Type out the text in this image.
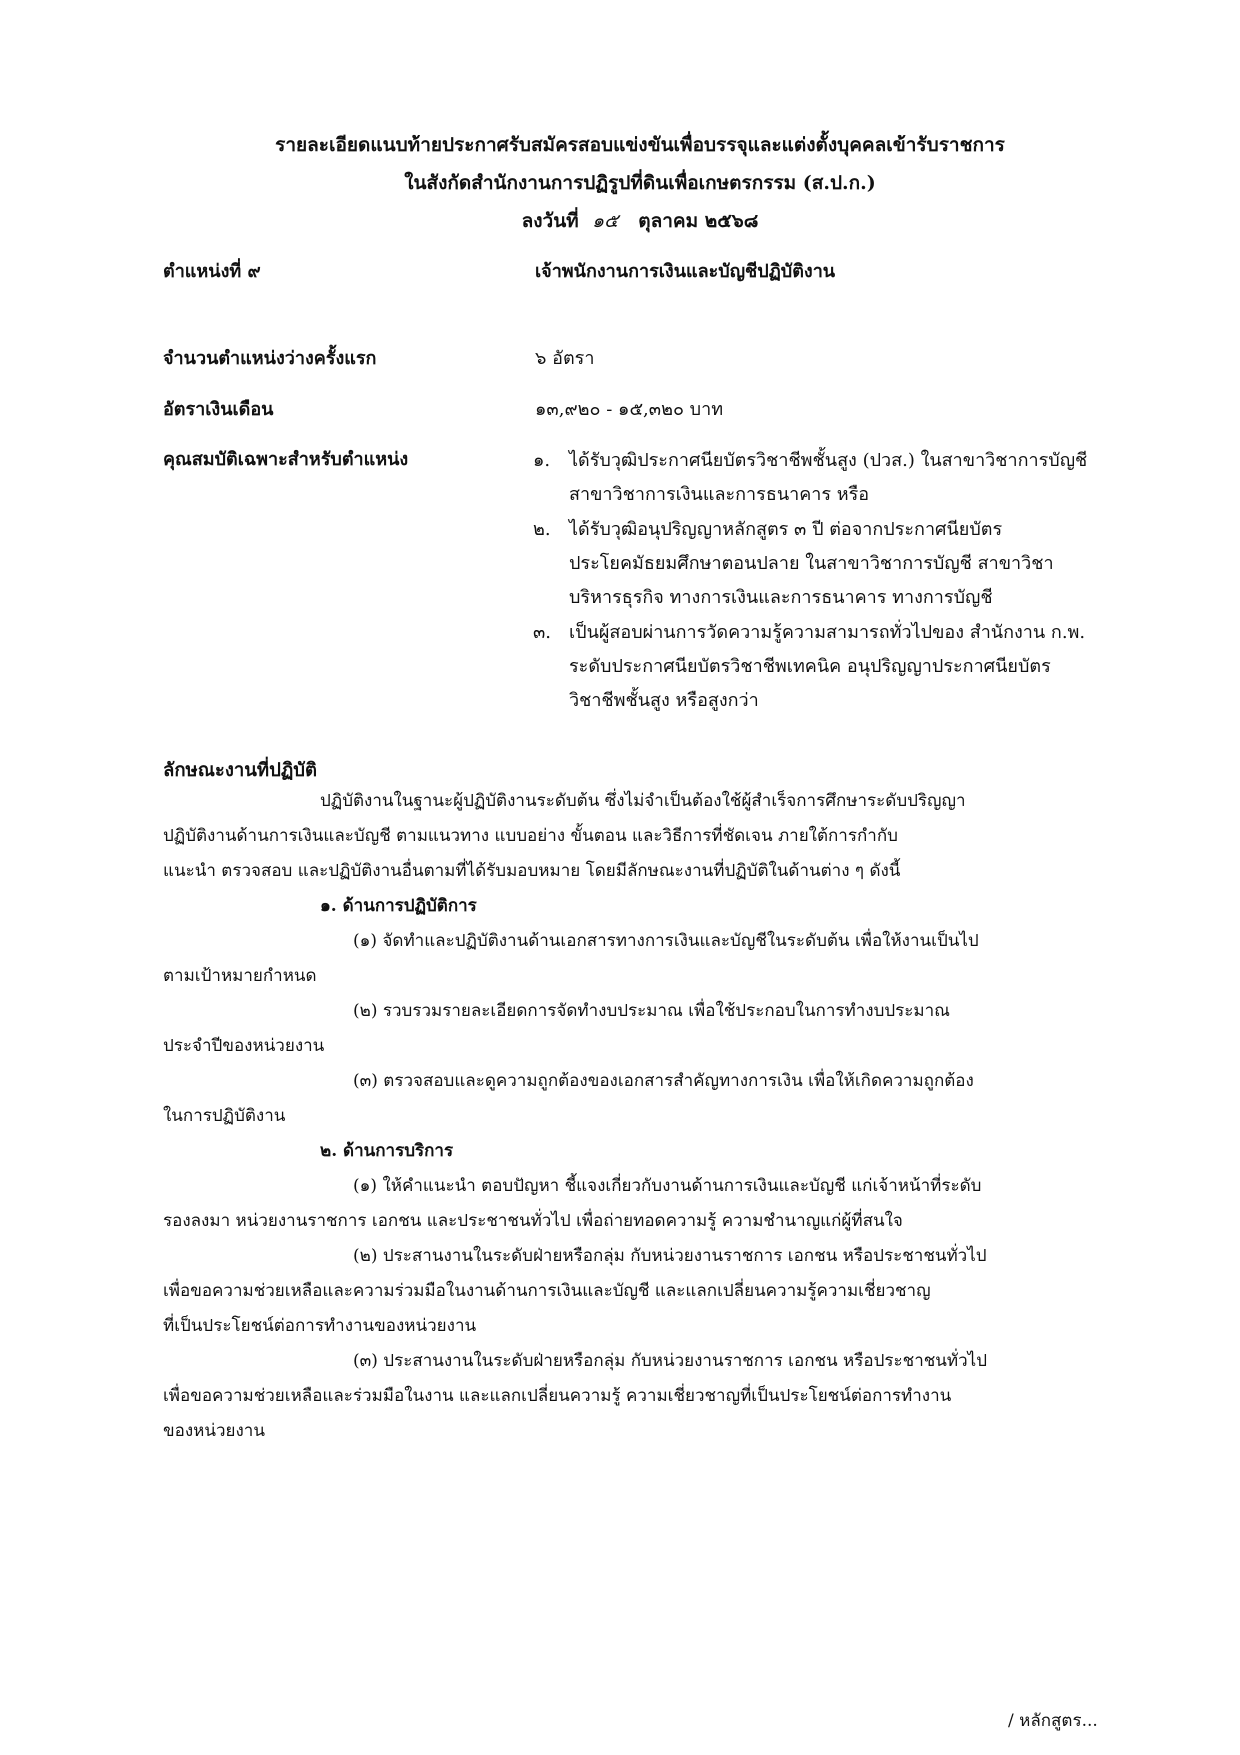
รายละเอียดแนบท้ายประกาศรับสมัครสอบแข่งขันเพื่อบรรจุและแต่งตั้งบุคคลเข้ารับราชการ
ในสังกัดสำนักงานการปฏิรูปที่ดินเพื่อเกษตรกรรม (ส.ป.ก.)
ลงวันที่ ๑๕ ตุลาคม ๒๕๖๘
ตำแหน่งที่ ๙	เจ้าพนักงานการเงินและบัญชีปฏิบัติงาน
จำนวนตำแหน่งว่างครั้งแรก	๖ อัตรา
อัตราเงินเดือน	๑๓,๙๒๐ - ๑๕,๓๒๐ บาท
คุณสมบัติเฉพาะสำหรับตำแหน่ง	๑. ได้รับวุฒิประกาศนียบัตรวิชาชีพชั้นสูง (ปวส.) ในสาขาวิชาการบัญชี
สาขาวิชาการเงินและการธนาคาร หรือ
๒. ได้รับวุฒิอนุปริญญาหลักสูตร ๓ ปี ต่อจากประกาศนียบัตร
ประโยคมัธยมศึกษาตอนปลาย ในสาขาวิชาการบัญชี สาขาวิชา
บริหารธุรกิจ ทางการเงินและการธนาคาร ทางการบัญชี
๓. เป็นผู้สอบผ่านการวัดความรู้ความสามารถทั่วไปของ สำนักงาน ก.พ.
ระดับประกาศนียบัตรวิชาชีพเทคนิค อนุปริญญาประกาศนียบัตร
วิชาชีพชั้นสูง หรือสูงกว่า
ลักษณะงานที่ปฏิบัติ
ปฏิบัติงานในฐานะผู้ปฏิบัติงานระดับต้น ซึ่งไม่จำเป็นต้องใช้ผู้สำเร็จการศึกษาระดับปริญญา
ปฏิบัติงานด้านการเงินและบัญชี ตามแนวทาง แบบอย่าง ขั้นตอน และวิธีการที่ชัดเจน ภายใต้การกำกับ
แนะนำ ตรวจสอบ และปฏิบัติงานอื่นตามที่ได้รับมอบหมาย โดยมีลักษณะงานที่ปฏิบัติในด้านต่าง ๆ ดังนี้
๑. ด้านการปฏิบัติการ
(๑) จัดทำและปฏิบัติงานด้านเอกสารทางการเงินและบัญชีในระดับต้น เพื่อให้งานเป็นไป
ตามเป้าหมายกำหนด
(๒) รวบรวมรายละเอียดการจัดทำงบประมาณ เพื่อใช้ประกอบในการทำงบประมาณ
ประจำปีของหน่วยงาน
(๓) ตรวจสอบและดูความถูกต้องของเอกสารสำคัญทางการเงิน เพื่อให้เกิดความถูกต้อง
ในการปฏิบัติงาน
๒. ด้านการบริการ
(๑) ให้คำแนะนำ ตอบปัญหา ชี้แจงเกี่ยวกับงานด้านการเงินและบัญชี แก่เจ้าหน้าที่ระดับ
รองลงมา หน่วยงานราชการ เอกชน และประชาชนทั่วไป เพื่อถ่ายทอดความรู้ ความชำนาญแก่ผู้ที่สนใจ
(๒) ประสานงานในระดับฝ่ายหรือกลุ่ม กับหน่วยงานราชการ เอกชน หรือประชาชนทั่วไป
เพื่อขอความช่วยเหลือและความร่วมมือในงานด้านการเงินและบัญชี และแลกเปลี่ยนความรู้ความเชี่ยวชาญ
ที่เป็นประโยชน์ต่อการทำงานของหน่วยงาน
(๓) ประสานงานในระดับฝ่ายหรือกลุ่ม กับหน่วยงานราชการ เอกชน หรือประชาชนทั่วไป
เพื่อขอความช่วยเหลือและร่วมมือในงาน และแลกเปลี่ยนความรู้ ความเชี่ยวชาญที่เป็นประโยชน์ต่อการทำงาน
ของหน่วยงาน
/ หลักสูตร...
